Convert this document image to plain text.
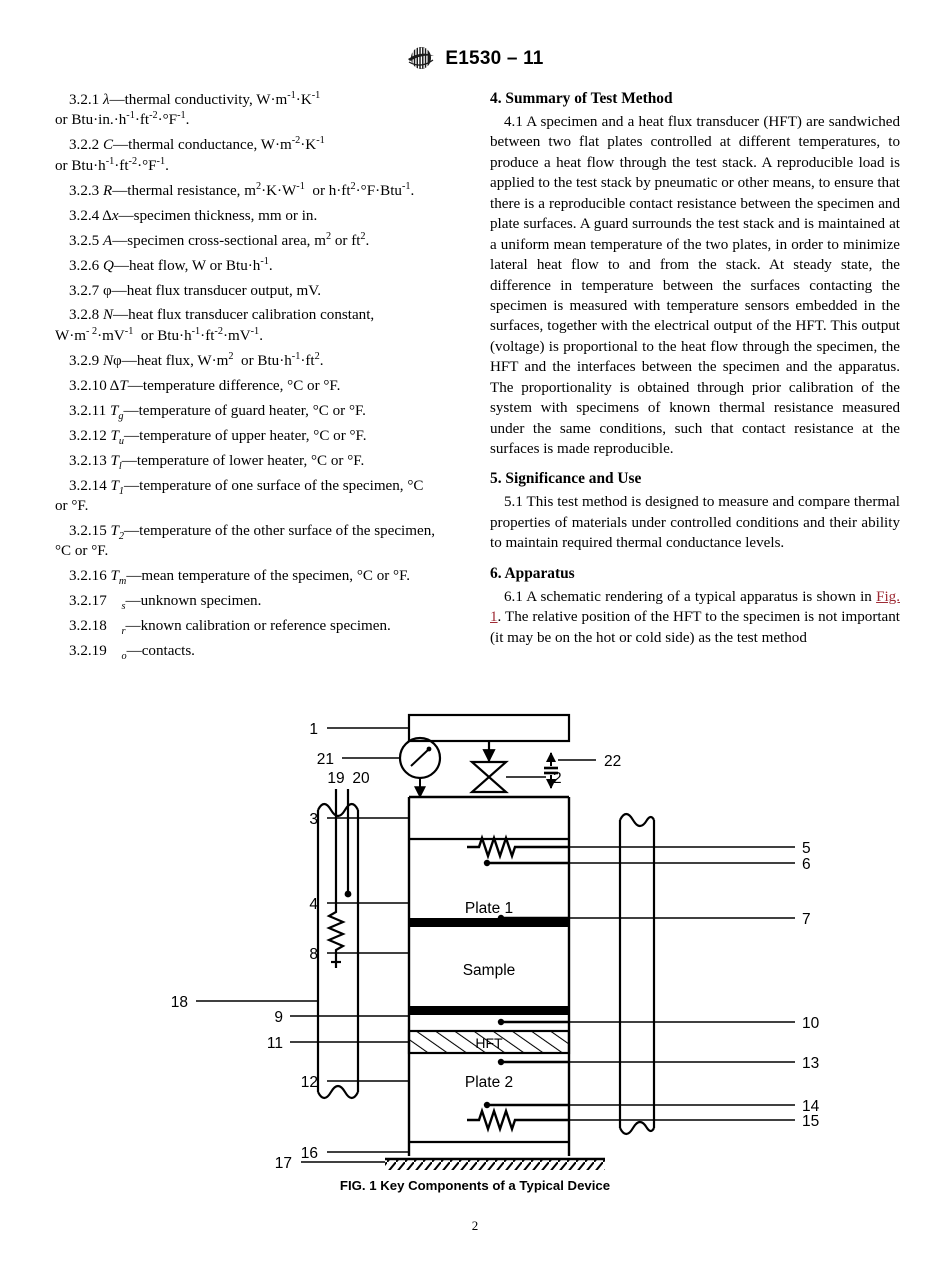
E1530 – 11

3.2.1 λ—thermal conductivity, $W\cdot m^{-1}\cdot K^{-1}$
or $Btu\cdot in.\cdot h^{-1}\cdot ft^{-2}\cdot^\circ F^{-1}$.

3.2.2 C—thermal conductance, $W\cdot m^{-2}\cdot K^{-1}$
or $Btu\cdot h^{-1}\cdot ft^{-2}\cdot^\circ F^{-1}$.

3.2.3 R—thermal resistance, $m^2\cdot K\cdot W^{-1}$  or $h\cdot ft^2\cdot^\circ F\cdot Btu^{-1}$.

3.2.4 Δx—specimen thickness, mm or in.

3.2.5 A—specimen cross-sectional area, $m^2$ or $ft^2$.

3.2.6 Q—heat flow, W or $Btu\cdot h^{-1}$.

3.2.7 φ—heat flux transducer output, mV.

3.2.8 N—heat flux transducer calibration constant,
$W\cdot m^{- 2}\cdot mV^{-1}$  or $Btu\cdot h^{-1}\cdot ft^{-2}\cdot mV^{-1}$.

3.2.9 Nφ—heat flux, $W\cdot m^2$  or $Btu\cdot h^{-1}\cdot ft^2$.

3.2.10 ΔT—temperature difference, °C or °F.

3.2.11 $T_g—temperature$ of guard heater, °C or °F.

3.2.12 $T_u—temperature$ of upper heater, °C or °F.

3.2.13 $T_l—temperature$ of lower heater, °C or °F.

3.2.14 $T_1—temperature$ of one surface of the specimen, °C
or °F.

3.2.15 $T_2—temperature$ of the other surface of the specimen,
°C or °F.

3.2.16 $T_m—mean$ temperature of the specimen, °C or °F.

3.2.17 $_s$—unknown specimen.

3.2.18 $_r$—known calibration or reference specimen.

3.2.19 $_o$—contacts.

4. Summary of Test Method

4.1 A specimen and a heat flux transducer (HFT) are sandwiched between two flat plates controlled at different temperatures, to produce a heat flow through the test stack. A reproducible load is applied to the test stack by pneumatic or other means, to ensure that there is a reproducible contact resistance between the specimen and plate surfaces. A guard surrounds the test stack and is maintained at a uniform mean temperature of the two plates, in order to minimize lateral heat flow to and from the stack. At steady state, the difference in temperature between the surfaces contacting the specimen is measured with temperature sensors embedded in the surfaces, together with the electrical output of the HFT. This output (voltage) is proportional to the heat flow through the specimen, the HFT and the interfaces between the specimen and the apparatus. The proportionality is obtained through prior calibration of the system with specimens of known thermal resistance measured under the same conditions, such that contact resistance at the surfaces is made reproducible.

5. Significance and Use

5.1 This test method is designed to measure and compare thermal properties of materials under controlled conditions and their ability to maintain required thermal conductance levels.

6. Apparatus

6.1 A schematic rendering of a typical apparatus is shown in Fig. 1. The relative position of the HFT to the specimen is not important (it may be on the hot or cold side) as the test method

1
2
3
4
5
6
7
8
9	10
11
12
13
14
15
16
17
18
19 20
21	22
Plate 1
Sample
HFT
Plate 2
FIG. 1 Key Components of a Typical Device
2
